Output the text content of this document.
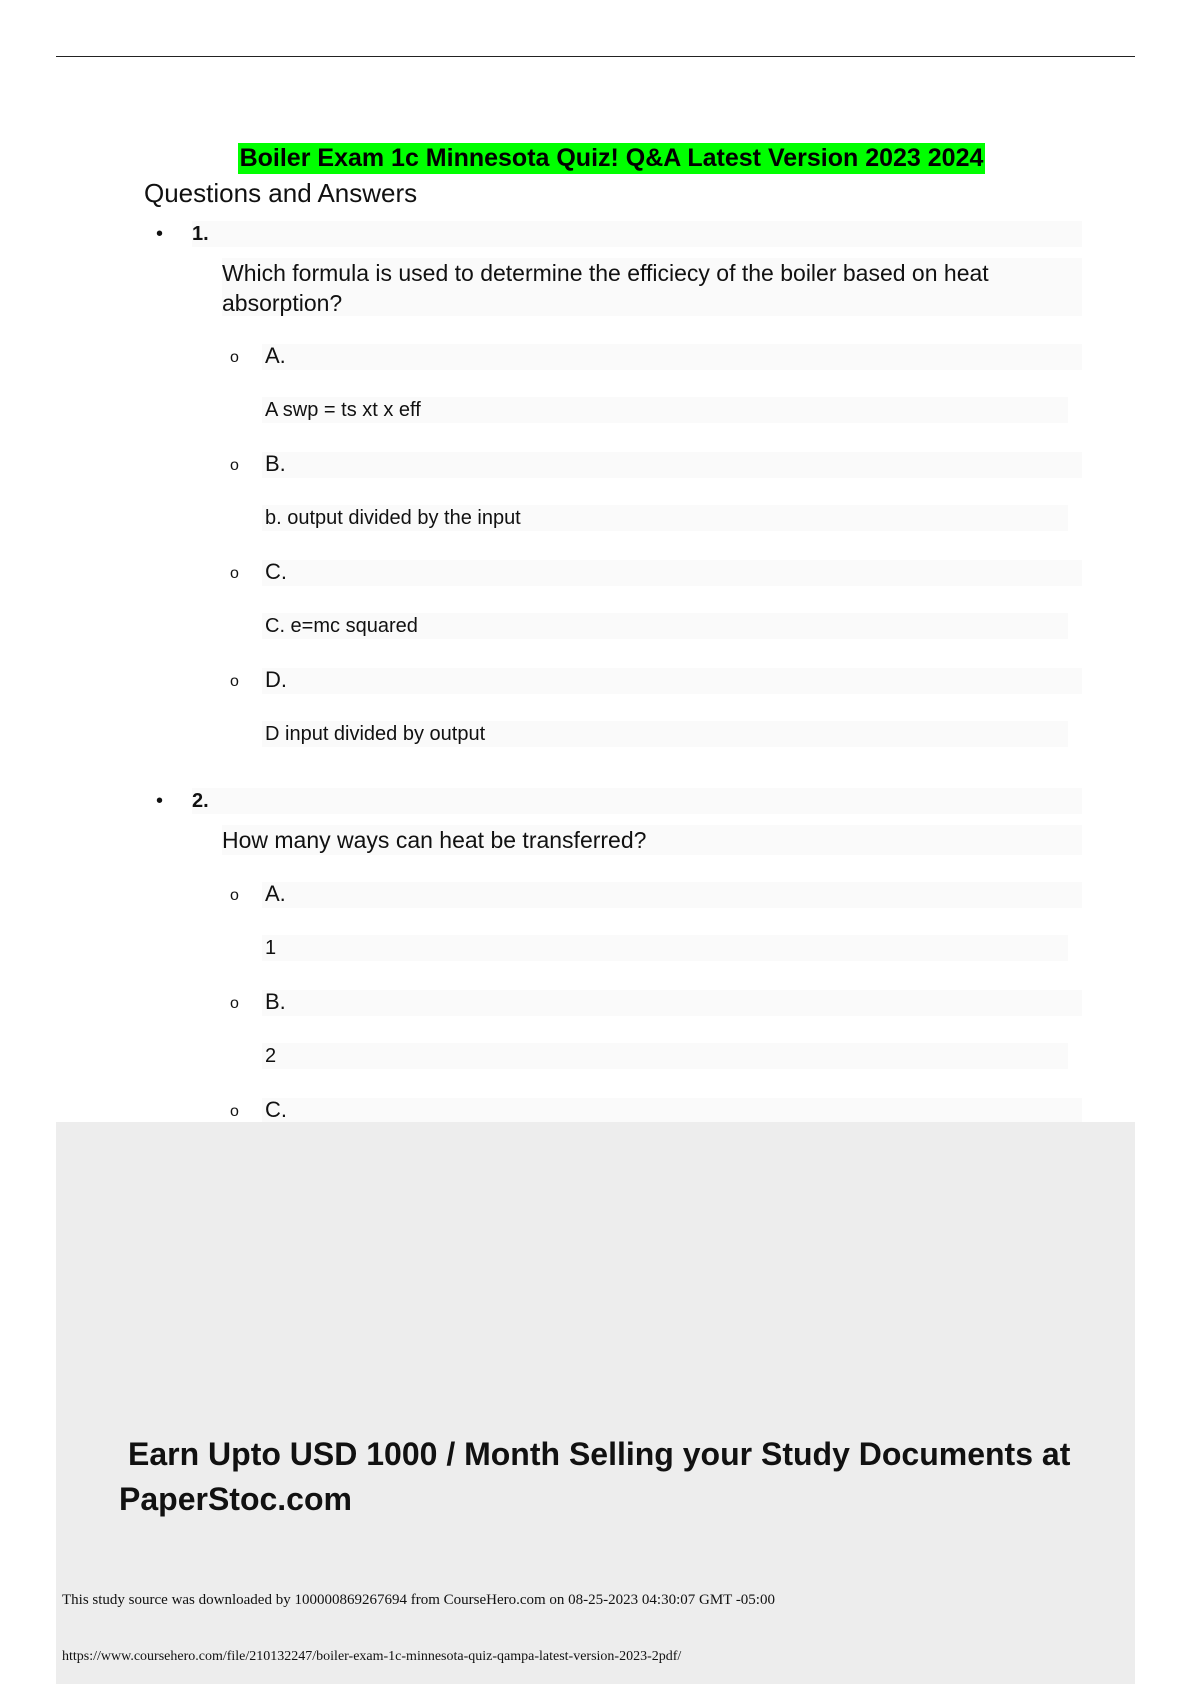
Boiler Exam 1c Minnesota Quiz! Q&A Latest Version 2023 2024
Questions and Answers
• 1.
Which formula is used to determine the efficiecy of the boiler based on heat absorption?
o A.
A swp = ts xt x eff
o B.
b. output divided by the input
o C.
C. e=mc squared
o D.
D input divided by output
• 2.
How many ways can heat be transferred?
o A.
1
o B.
2
o C.
Earn Upto USD 1000 / Month Selling your Study Documents at
PaperStoc.com
This study source was downloaded by 100000869267694 from CourseHero.com on 08-25-2023 04:30:07 GMT -05:00
https://www.coursehero.com/file/210132247/boiler-exam-1c-minnesota-quiz-qampa-latest-version-2023-2pdf/
